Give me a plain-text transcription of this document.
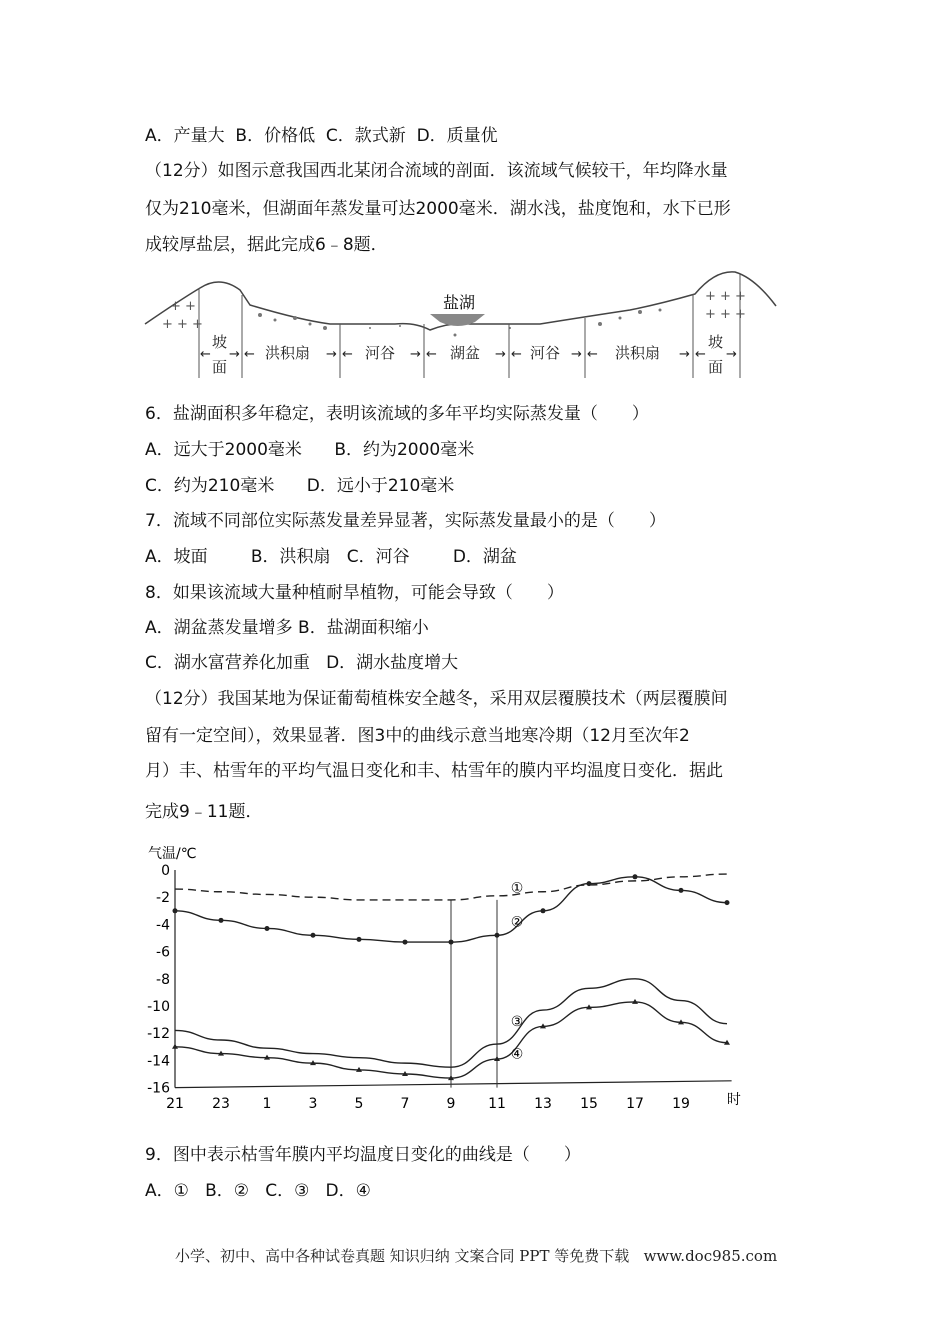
A．产量大  B．价格低  C．款式新  D．质量优
（12分）如图示意我国西北某闭合流域的剖面．该流域气候较干，年均降水量
仅为210毫米，但湖面年蒸发量可达2000毫米．湖水浅，盐度饱和，水下已形
成较厚盐层，据此完成6﹣8题．
+ +
+ + +
+ + +
+ + +
盐湖
坡
面
洪积扇	河谷	湖盆	河谷	洪积扇
坡
面
← → ←	→ ←	→ ←	→ ←	→ ←	→ ← →
6．盐湖面积多年稳定，表明该流域的多年平均实际蒸发量（　　）
A．远大于2000毫米      B．约为2000毫米
C．约为210毫米      D．远小于210毫米
7．流域不同部位实际蒸发量差异显著，实际蒸发量最小的是（　　）
A．坡面        B．洪积扇   C．河谷        D．湖盆
8．如果该流域大量种植耐旱植物，可能会导致（　　）
A．湖盆蒸发量增多 B．盐湖面积缩小
C．湖水富营养化加重   D．湖水盐度增大
（12分）我国某地为保证葡萄植株安全越冬，采用双层覆膜技术（两层覆膜间
留有一定空间），效果显著．图3中的曲线示意当地寒冷期（12月至次年2
月）丰、枯雪年的平均气温日变化和丰、枯雪年的膜内平均温度日变化．据此
完成9﹣11题．
气温/℃
0
-2
-4
-6
-8
-10
-12
-14
-16
21 23 1	3	5	7	9 11 13 15 17 19	时
①
②
③
④
9．图中表示枯雪年膜内平均温度日变化的曲线是（　　）
A．①   B．②   C．③   D．④
小学、初中、高中各种试卷真题 知识归纳 文案合同 PPT 等免费下载   www.doc985.com
